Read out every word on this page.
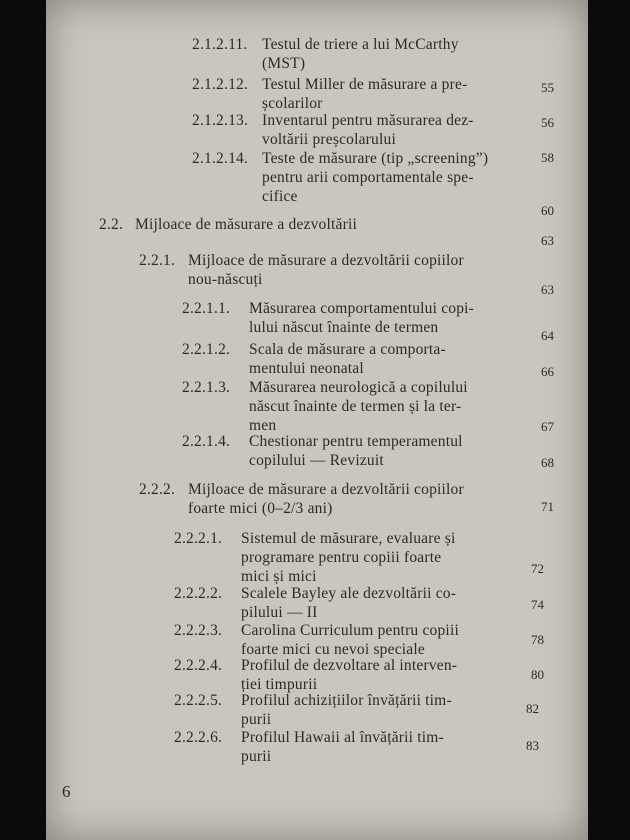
2.1.2.11. Testul de triere a lui McCarthy
(MST)
55
2.1.2.12. Testul Miller de măsurare a pre-
școlarilor
56
2.1.2.13. Inventarul pentru măsurarea dez-
voltării preșcolarului
58
2.1.2.14. Teste de măsurare (tip „screening”)
pentru arii comportamentale spe-
cifice
60
2.2. Mijloace de măsurare a dezvoltării
63
2.2.1. Mijloace de măsurare a dezvoltării copiilor
nou-născuți
63
2.2.1.1. Măsurarea comportamentului copi-
lului născut înainte de termen	64
2.2.1.2. Scala de măsurare a comporta-
mentului neonatal	66
2.2.1.3. Măsurarea neurologică a copilului
născut înainte de termen și la ter-
men	67
2.2.1.4. Chestionar pentru temperamentul
copilului — Revizuit	68
2.2.2. Mijloace de măsurare a dezvoltării copiilor
foarte mici (0–2/3 ani)	71
2.2.2.1. Sistemul de măsurare, evaluare și
programare pentru copiii foarte
mici și mici	72
2.2.2.2. Scalele Bayley ale dezvoltării co-
pilului — II	74
2.2.2.3. Carolina Curriculum pentru copiii
foarte mici cu nevoi speciale
78
2.2.2.4. Profilul de dezvoltare al interven-
ției timpurii
80
2.2.2.5. Profilul achizițiilor învățării tim-
purii
82
2.2.2.6. Profilul Hawaii al învățării tim-
purii
83
6
